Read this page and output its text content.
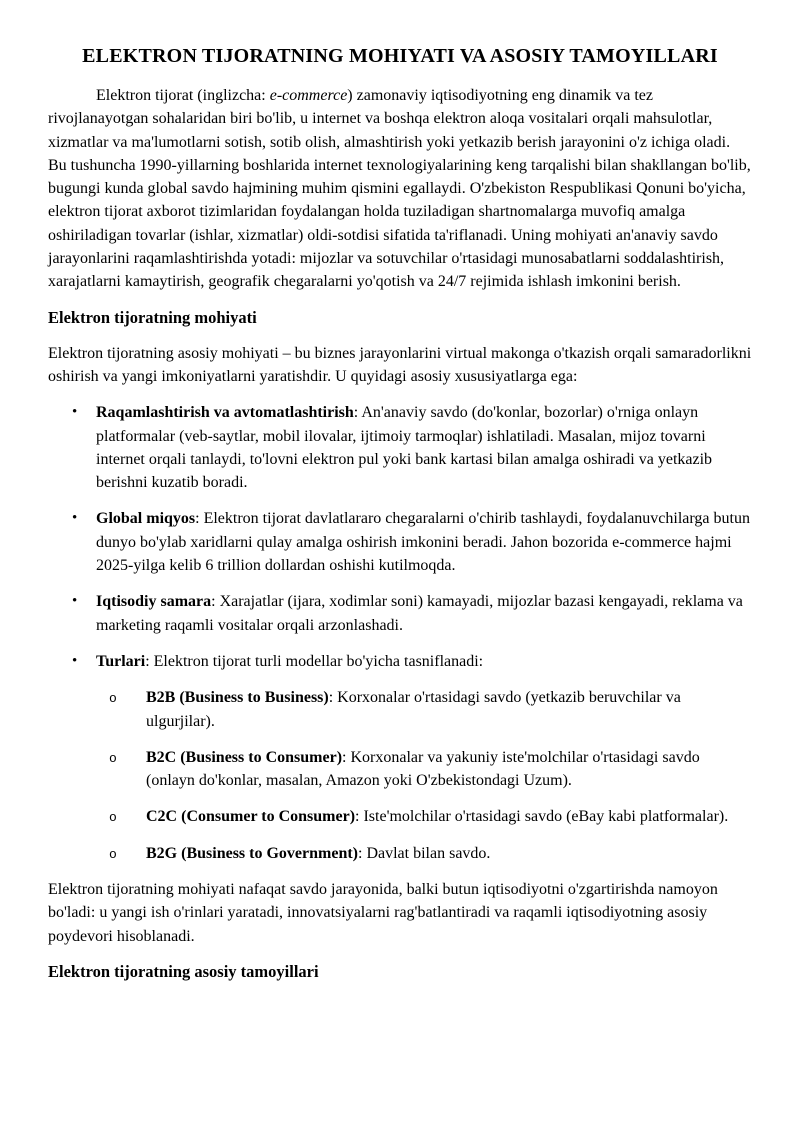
ELEKTRON TIJORATNING MOHIYATI VA ASOSIY TAMOYILLARI

Elektron tijorat (inglizcha: e-commerce) zamonaviy iqtisodiyotning eng dinamik va tez rivojlanayotgan sohalaridan biri bo'lib, u internet va boshqa elektron aloqa vositalari orqali mahsulotlar, xizmatlar va ma'lumotlarni sotish, sotib olish, almashtirish yoki yetkazib berish jarayonini o'z ichiga oladi. Bu tushuncha 1990-yillarning boshlarida internet texnologiyalarining keng tarqalishi bilan shakllangan bo'lib, bugungi kunda global savdo hajmining muhim qismini egallaydi. O'zbekiston Respublikasi Qonuni bo'yicha, elektron tijorat axborot tizimlaridan foydalangan holda tuziladigan shartnomalarga muvofiq amalga oshiriladigan tovarlar (ishlar, xizmatlar) oldi-sotdisi sifatida ta'riflanadi. Uning mohiyati an'anaviy savdo jarayonlarini raqamlashtirishda yotadi: mijozlar va sotuvchilar o'rtasidagi munosabatlarni soddalashtirish, xarajatlarni kamaytirish, geografik chegaralarni yo'qotish va 24/7 rejimida ishlash imkonini berish.

Elektron tijoratning mohiyati

Elektron tijoratning asosiy mohiyati – bu biznes jarayonlarini virtual makonga o'tkazish orqali samaradorlikni oshirish va yangi imkoniyatlarni yaratishdir. U quyidagi asosiy xususiyatlarga ega:

• Raqamlashtirish va avtomatlashtirish: An'anaviy savdo (do'konlar, bozorlar) o'rniga onlayn platformalar (veb-saytlar, mobil ilovalar, ijtimoiy tarmoqlar) ishlatiladi. Masalan, mijoz tovarni internet orqali tanlaydi, to'lovni elektron pul yoki bank kartasi bilan amalga oshiradi va yetkazib berishni kuzatib boradi.
• Global miqyos: Elektron tijorat davlatlararo chegaralarni o'chirib tashlaydi, foydalanuvchilarga butun dunyo bo'ylab xaridlarni qulay amalga oshirish imkonini beradi. Jahon bozorida e-commerce hajmi 2025-yilga kelib 6 trillion dollardan oshishi kutilmoqda.
• Iqtisodiy samara: Xarajatlar (ijara, xodimlar soni) kamayadi, mijozlar bazasi kengayadi, reklama va marketing raqamli vositalar orqali arzonlashadi.
• Turlari: Elektron tijorat turli modellar bo'yicha tasniflanadi:
o B2B (Business to Business): Korxonalar o'rtasidagi savdo (yetkazib beruvchilar va ulgurjilar).
o B2C (Business to Consumer): Korxonalar va yakuniy iste'molchilar o'rtasidagi savdo (onlayn do'konlar, masalan, Amazon yoki O'zbekistondagi Uzum).
o C2C (Consumer to Consumer): Iste'molchilar o'rtasidagi savdo (eBay kabi platformalar).
o B2G (Business to Government): Davlat bilan savdo.

Elektron tijoratning mohiyati nafaqat savdo jarayonida, balki butun iqtisodiyotni o'zgartirishda namoyon bo'ladi: u yangi ish o'rinlari yaratadi, innovatsiyalarni rag'batlantiradi va raqamli iqtisodiyotning asosiy poydevori hisoblanadi.

Elektron tijoratning asosiy tamoyillari
